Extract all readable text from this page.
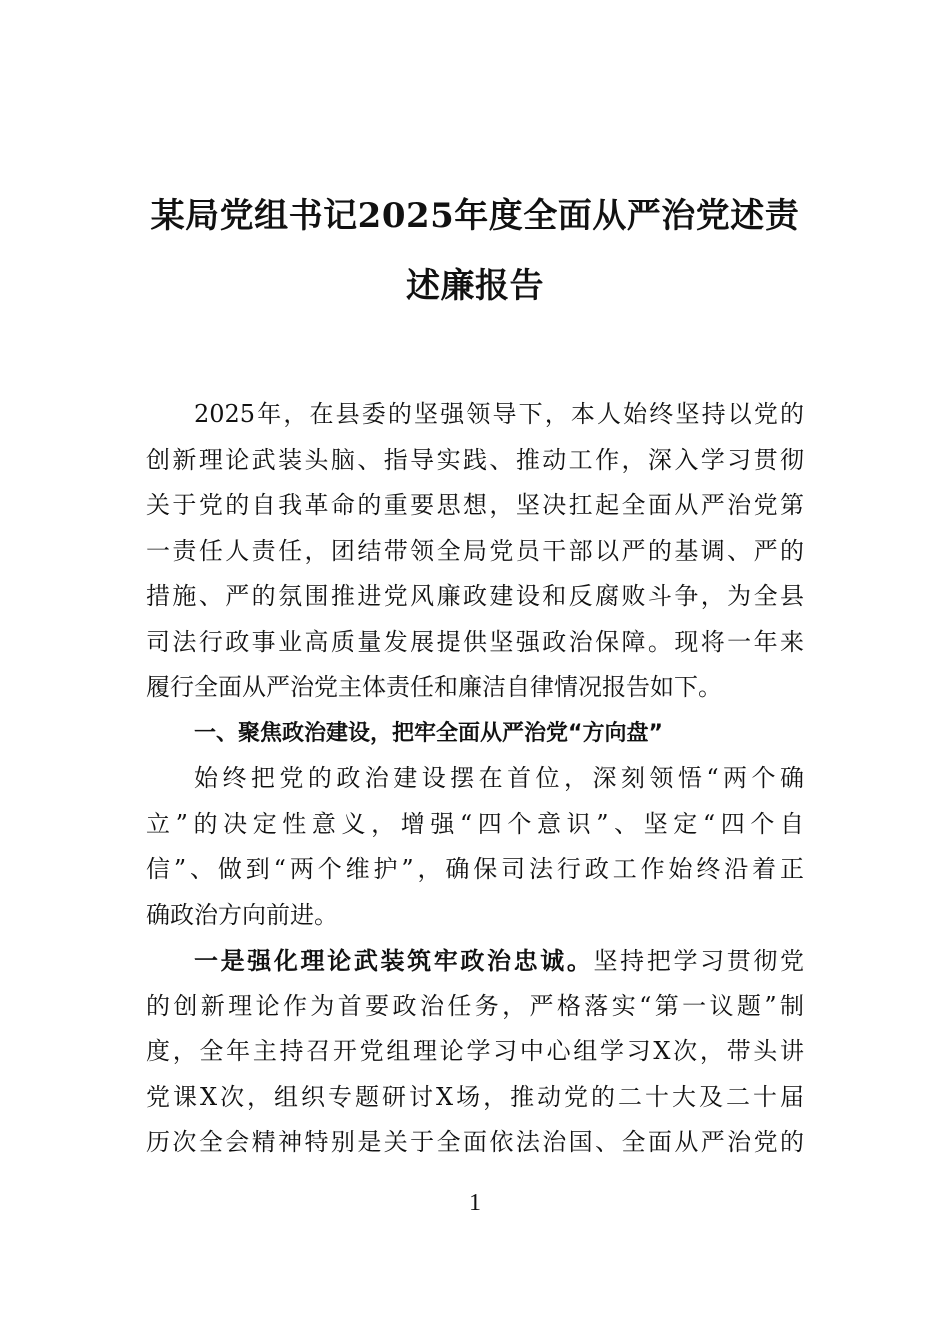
某局党组书记2025年度全面从严治党述责
述廉报告
2025年，在县委的坚强领导下，本人始终坚持以党的
创新理论武装头脑、指导实践、推动工作，深入学习贯彻
关于党的自我革命的重要思想，坚决扛起全面从严治党第
一责任人责任，团结带领全局党员干部以严的基调、严的
措施、严的氛围推进党风廉政建设和反腐败斗争，为全县
司法行政事业高质量发展提供坚强政治保障。现将一年来
履行全面从严治党主体责任和廉洁自律情况报告如下。
一、聚焦政治建设，把牢全面从严治党“方向盘”
始终把党的政治建设摆在首位，深刻领悟“两个确
立”的决定性意义，增强“四个意识”、坚定“四个自
信”、做到“两个维护”，确保司法行政工作始终沿着正
确政治方向前进。
一是强化理论武装筑牢政治忠诚。坚持把学习贯彻党
的创新理论作为首要政治任务，严格落实“第一议题”制
度，全年主持召开党组理论学习中心组学习X次，带头讲
党课X次，组织专题研讨X场，推动党的二十大及二十届
历次全会精神特别是关于全面依法治国、全面从严治党的
1
